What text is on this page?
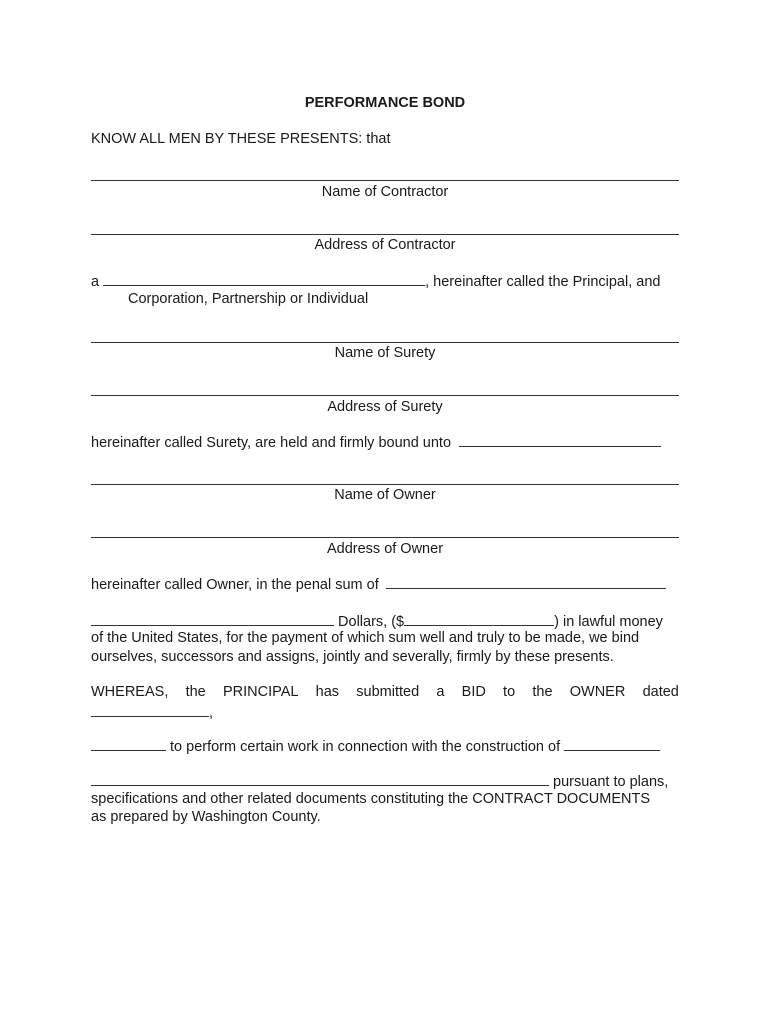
PERFORMANCE BOND
KNOW ALL MEN BY THESE PRESENTS: that
Name of Contractor
Address of Contractor
a	, hereinafter called the Principal, and
Corporation, Partnership or Individual
Name of Surety
Address of Surety
hereinafter called Surety, are held and firmly bound unto
Name of Owner
Address of Owner
hereinafter called Owner, in the penal sum of
Dollars, ($	) in lawful money
of the United States, for the payment of which sum well and truly to be made, we bind
ourselves, successors and assigns, jointly and severally, firmly by these presents.
WHEREAS, the PRINCIPAL has submitted a BID to the OWNER dated
,
to perform certain work in connection with the construction of
pursuant to plans,
specifications and other related documents constituting the CONTRACT DOCUMENTS
as prepared by Washington County.
